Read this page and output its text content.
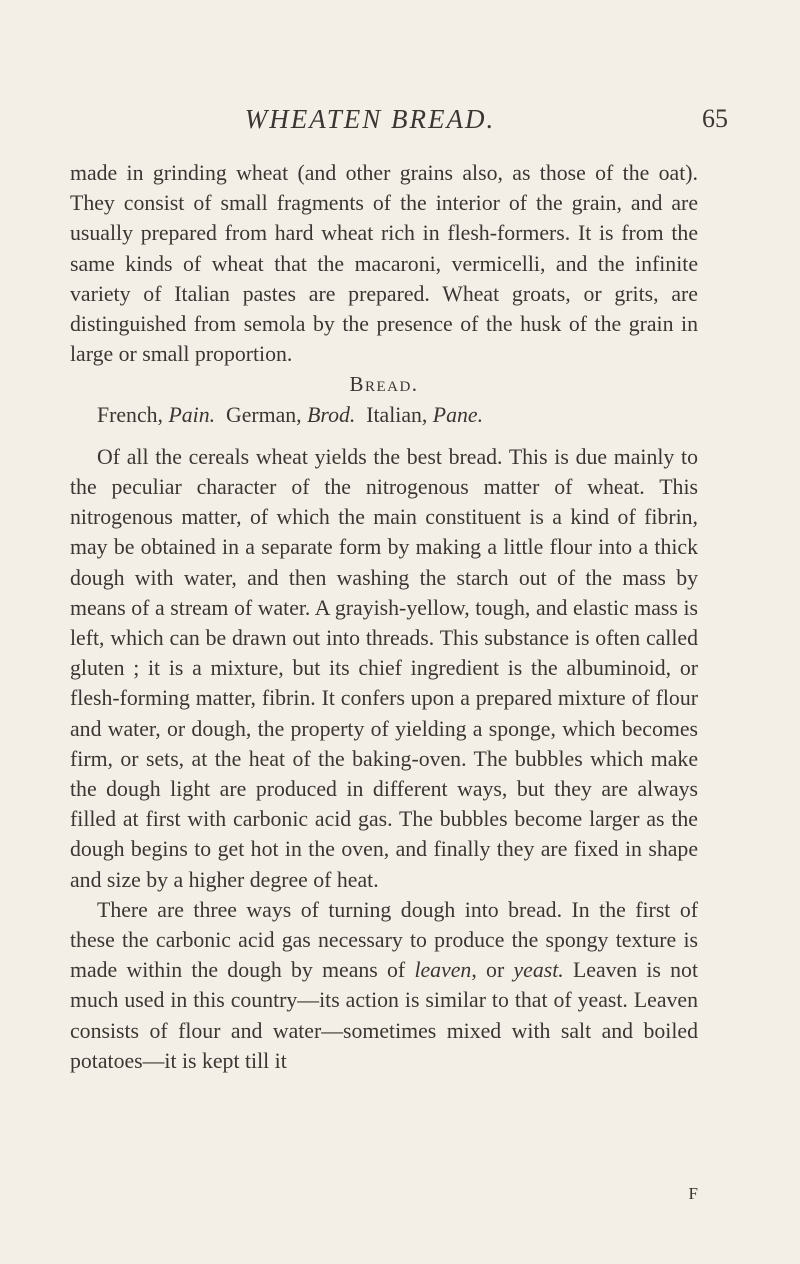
WHEATEN BREAD.	65

made in grinding wheat (and other grains also, as those of the oat). They consist of small fragments of the interior of the grain, and are usually prepared from hard wheat rich in flesh-formers. It is from the same kinds of wheat that the macaroni, vermicelli, and the infinite variety of Italian pastes are prepared. Wheat groats, or grits, are distinguished from semola by the presence of the husk of the grain in large or small proportion.

Bread.

French, Pain. German, Brod. Italian, Pane.

Of all the cereals wheat yields the best bread. This is due mainly to the peculiar character of the nitrogenous matter of wheat. This nitrogenous matter, of which the main constituent is a kind of fibrin, may be obtained in a separate form by making a little flour into a thick dough with water, and then washing the starch out of the mass by means of a stream of water. A grayish-yellow, tough, and elastic mass is left, which can be drawn out into threads. This substance is often called gluten ; it is a mixture, but its chief ingredient is the albuminoid, or flesh-forming matter, fibrin. It confers upon a prepared mixture of flour and water, or dough, the property of yielding a sponge, which becomes firm, or sets, at the heat of the baking-oven. The bubbles which make the dough light are produced in different ways, but they are always filled at first with carbonic acid gas. The bubbles become larger as the dough begins to get hot in the oven, and finally they are fixed in shape and size by a higher degree of heat.

There are three ways of turning dough into bread. In the first of these the carbonic acid gas necessary to produce the spongy texture is made within the dough by means of leaven, or yeast. Leaven is not much used in this country—its action is similar to that of yeast. Leaven consists of flour and water—sometimes mixed with salt and boiled potatoes—it is kept till it

F
